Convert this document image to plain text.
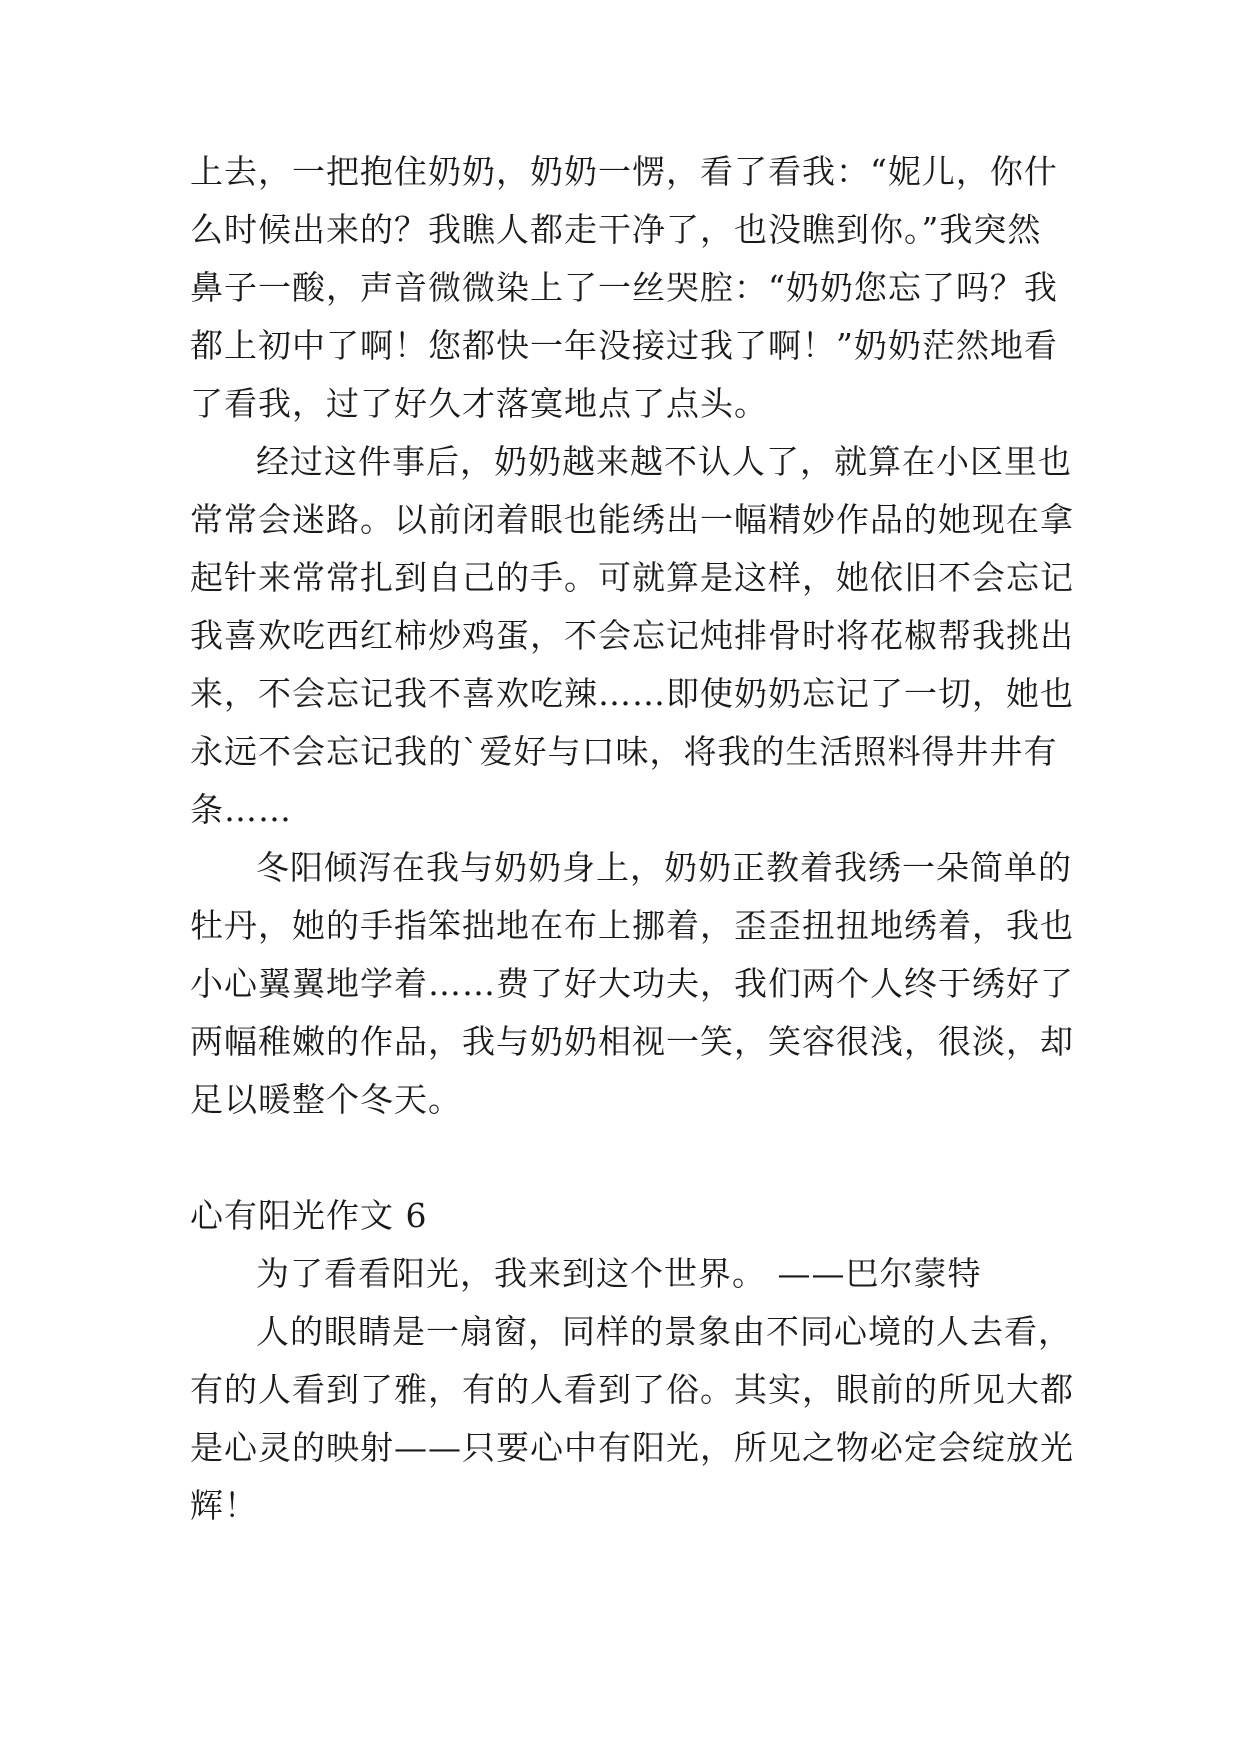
上去，一把抱住奶奶，奶奶一愣，看了看我：“妮儿，你什
么时候出来的？我瞧人都走干净了，也没瞧到你。”我突然
鼻子一酸，声音微微染上了一丝哭腔：“奶奶您忘了吗？我
都上初中了啊！您都快一年没接过我了啊！”奶奶茫然地看
了看我，过了好久才落寞地点了点头。
经过这件事后，奶奶越来越不认人了，就算在小区里也
常常会迷路。以前闭着眼也能绣出一幅精妙作品的她现在拿
起针来常常扎到自己的手。可就算是这样，她依旧不会忘记
我喜欢吃西红柿炒鸡蛋，不会忘记炖排骨时将花椒帮我挑出
来，不会忘记我不喜欢吃辣……即使奶奶忘记了一切，她也
永远不会忘记我的`爱好与口味，将我的生活照料得井井有
条……
冬阳倾泻在我与奶奶身上，奶奶正教着我绣一朵简单的
牡丹，她的手指笨拙地在布上挪着，歪歪扭扭地绣着，我也
小心翼翼地学着……费了好大功夫，我们两个人终于绣好了
两幅稚嫩的作品，我与奶奶相视一笑，笑容很浅，很淡，却
足以暖整个冬天。
心有阳光作文 6
为了看看阳光，我来到这个世界。 ——巴尔蒙特
人的眼睛是一扇窗，同样的景象由不同心境的人去看，
有的人看到了雅，有的人看到了俗。其实，眼前的所见大都
是心灵的映射——只要心中有阳光，所见之物必定会绽放光
辉！
